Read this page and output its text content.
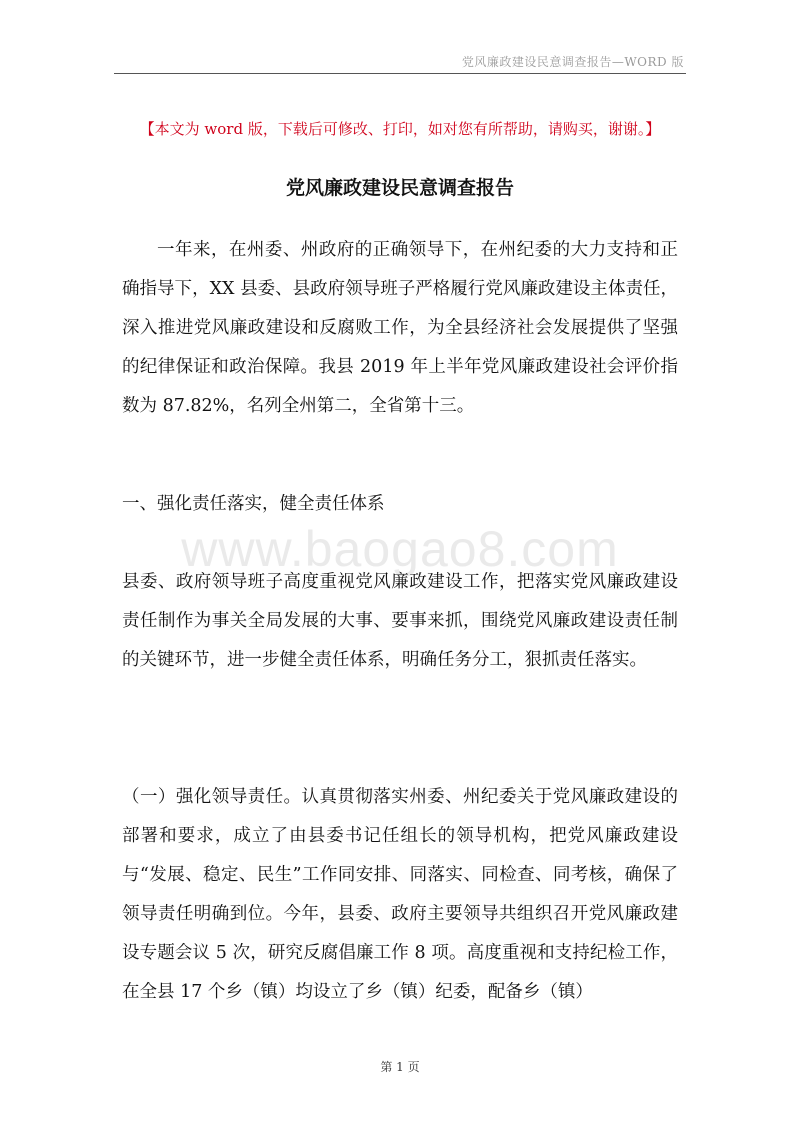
党风廉政建设民意调查报告—WORD 版
【本文为 word 版，下载后可修改、打印，如对您有所帮助，请购买，谢谢。】
党风廉政建设民意调查报告
一年来，在州委、州政府的正确领导下，在州纪委的大力支持和正确指导下，XX 县委、县政府领导班子严格履行党风廉政建设主体责任，深入推进党风廉政建设和反腐败工作，为全县经济社会发展提供了坚强的纪律保证和政治保障。我县 2019 年上半年党风廉政建设社会评价指数为 87.82%，名列全州第二，全省第十三。
一、强化责任落实，健全责任体系
www.baogao8.com
县委、政府领导班子高度重视党风廉政建设工作，把落实党风廉政建设责任制作为事关全局发展的大事、要事来抓，围绕党风廉政建设责任制的关键环节，进一步健全责任体系，明确任务分工，狠抓责任落实。
（一）强化领导责任。认真贯彻落实州委、州纪委关于党风廉政建设的部署和要求，成立了由县委书记任组长的领导机构，把党风廉政建设与“发展、稳定、民生”工作同安排、同落实、同检查、同考核，确保了领导责任明确到位。今年，县委、政府主要领导共组织召开党风廉政建设专题会议 5 次，研究反腐倡廉工作 8 项。高度重视和支持纪检工作，在全县 17 个乡（镇）均设立了乡（镇）纪委，配备乡（镇）
第 1 页
